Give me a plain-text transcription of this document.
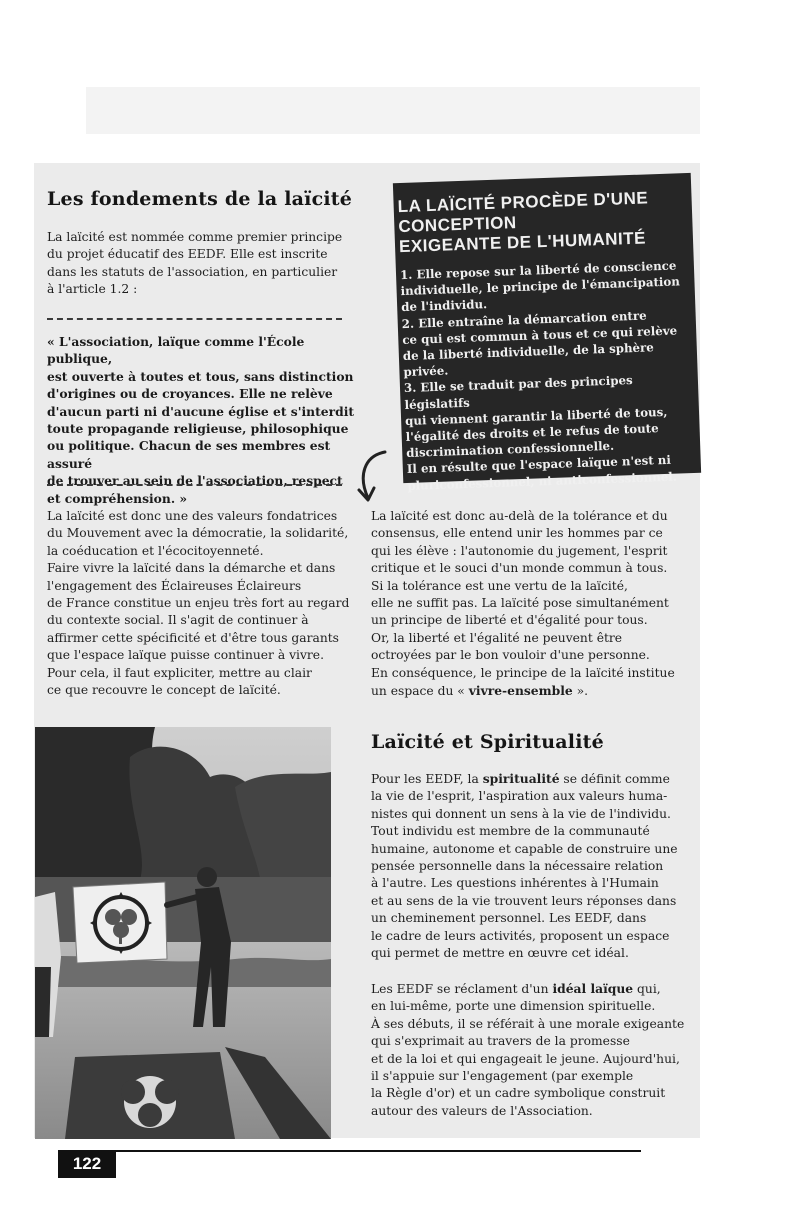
Les fondements de la laïcité

La laïcité est nommée comme premier principe
du projet éducatif des EEDF. Elle est inscrite
dans les statuts de l'association, en particulier
à l'article 1.2 :

« L'association, laïque comme l'École publique,
est ouverte à toutes et tous, sans distinction
d'origines ou de croyances. Elle ne relève
d'aucun parti ni d'aucune église et s'interdit
toute propagande religieuse, philosophique
ou politique. Chacun de ses membres est assuré
de trouver au sein de l'association, respect
et compréhension. »

La laïcité est donc une des valeurs fondatrices
du Mouvement avec la démocratie, la solidarité,
la coéducation et l'écocitoyenneté.
Faire vivre la laïcité dans la démarche et dans
l'engagement des Éclaireuses Éclaireurs
de France constitue un enjeu très fort au regard
du contexte social. Il s'agit de continuer à
affirmer cette spécificité et d'être tous garants
que l'espace laïque puisse continuer à vivre.
Pour cela, il faut expliciter, mettre au clair
ce que recouvre le concept de laïcité.

LA LAÏCITÉ PROCÈDE D'UNE CONCEPTION
EXIGEANTE DE L'HUMANITÉ

1. Elle repose sur la liberté de conscience
individuelle, le principe de l'émancipation
de l'individu.
2. Elle entraîne la démarcation entre
ce qui est commun à tous et ce qui relève
de la liberté individuelle, de la sphère privée.
3. Elle se traduit par des principes législatifs
qui viennent garantir la liberté de tous,
l'égalité des droits et le refus de toute
discrimination confessionnelle.
Il en résulte que l'espace laïque n'est ni
pluriconfessionnel, ni anticonfessionnel.

La laïcité est donc au-delà de la tolérance et du
consensus, elle entend unir les hommes par ce
qui les élève : l'autonomie du jugement, l'esprit
critique et le souci d'un monde commun à tous.
Si la tolérance est une vertu de la laïcité,
elle ne suffit pas. La laïcité pose simultanément
un principe de liberté et d'égalité pour tous.
Or, la liberté et l'égalité ne peuvent être
octroyées par le bon vouloir d'une personne.
En conséquence, le principe de la laïcité institue
un espace du « vivre-ensemble ».

Laïcité et Spiritualité

Pour les EEDF, la spiritualité se définit comme
la vie de l'esprit, l'aspiration aux valeurs huma-
nistes qui donnent un sens à la vie de l'individu.
Tout individu est membre de la communauté
humaine, autonome et capable de construire une
pensée personnelle dans la nécessaire relation
à l'autre. Les questions inhérentes à l'Humain
et au sens de la vie trouvent leurs réponses dans
un cheminement personnel. Les EEDF, dans
le cadre de leurs activités, proposent un espace
qui permet de mettre en œuvre cet idéal.

Les EEDF se réclament d'un idéal laïque qui,
en lui-même, porte une dimension spirituelle.
À ses débuts, il se référait à une morale exigeante
qui s'exprimait au travers de la promesse
et de la loi et qui engageait le jeune. Aujourd'hui,
il s'appuie sur l'engagement (par exemple
la Règle d'or) et un cadre symbolique construit
autour des valeurs de l'Association.

122
